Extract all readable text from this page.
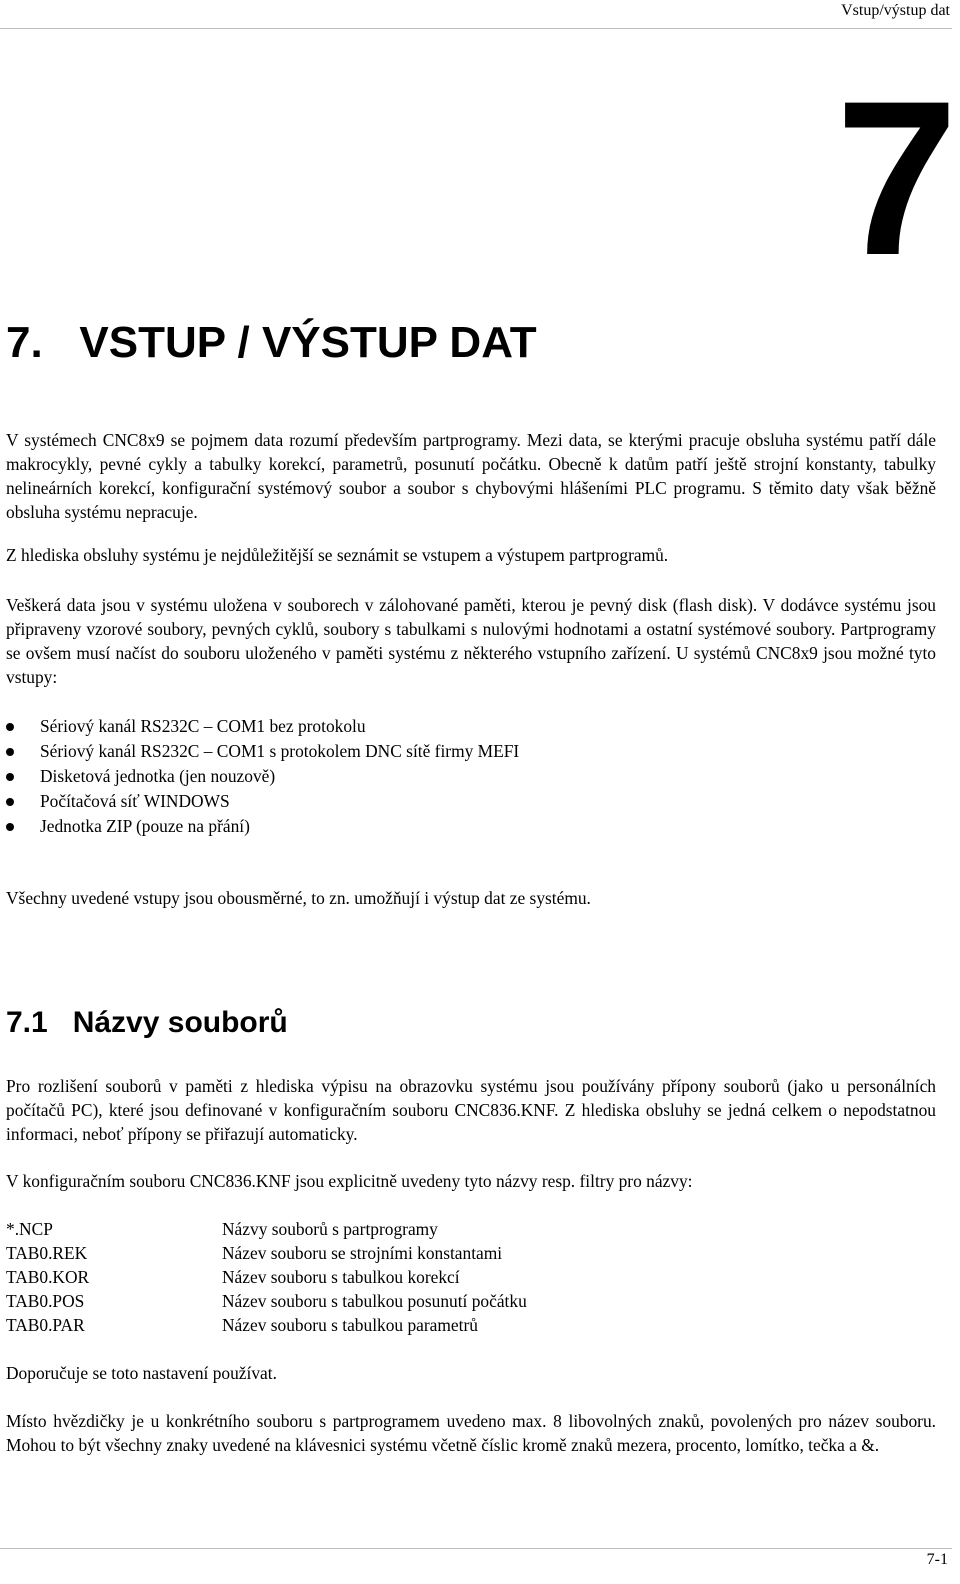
Vstup/výstup dat
7
7.   VSTUP / VÝSTUP DAT

V systémech CNC8x9 se pojmem data rozumí především partprogramy. Mezi data, se kterými pracuje obsluha systému patří dále makrocykly, pevné cykly a tabulky korekcí, parametrů, posunutí počátku. Obecně k datům patří ještě strojní konstanty, tabulky nelineárních korekcí, konfigurační systémový soubor a soubor s chybovými hlášeními PLC programu. S těmito daty však běžně obsluha systému nepracuje.

Z hlediska obsluhy systému je nejdůležitější se seznámit se vstupem a výstupem partprogramů.

Veškerá data jsou v systému uložena v souborech v zálohované paměti, kterou je pevný disk (flash disk). V dodávce systému jsou připraveny vzorové soubory, pevných cyklů, soubory s tabulkami s nulovými hodnotami a ostatní systémové soubory. Partprogramy se ovšem musí načíst do souboru uloženého v paměti systému z některého vstupního zařízení. U systémů CNC8x9 jsou možné tyto vstupy:

Sériový kanál RS232C – COM1 bez protokolu
Sériový kanál RS232C – COM1 s protokolem DNC sítě firmy MEFI
Disketová jednotka (jen nouzově)
Počítačová síť WINDOWS
Jednotka ZIP (pouze na přání)

Všechny uvedené vstupy jsou obousměrné, to zn. umožňují i výstup dat ze systému.

7.1   Názvy souborů

Pro rozlišení souborů v paměti z hlediska výpisu na obrazovku systému jsou používány přípony souborů (jako u personálních počítačů PC), které jsou definované v konfiguračním souboru CNC836.KNF. Z hlediska obsluhy se jedná celkem o nepodstatnou informaci, neboť přípony se přiřazují automaticky.

V konfiguračním souboru CNC836.KNF jsou explicitně uvedeny tyto názvy resp. filtry pro názvy:

*.NCP	Názvy souborů s partprogramy
TAB0.REK	Název souboru se strojními konstantami
TAB0.KOR	Název souboru s tabulkou korekcí
TAB0.POS	Název souboru s tabulkou posunutí počátku
TAB0.PAR	Název souboru s tabulkou parametrů

Doporučuje se toto nastavení používat.

Místo hvězdičky je u konkrétního souboru s partprogramem uvedeno max. 8 libovolných znaků, povolených pro název souboru. Mohou to být všechny znaky uvedené na klávesnici systému včetně číslic kromě znaků mezera, procento, lomítko, tečka a &.

7-1
